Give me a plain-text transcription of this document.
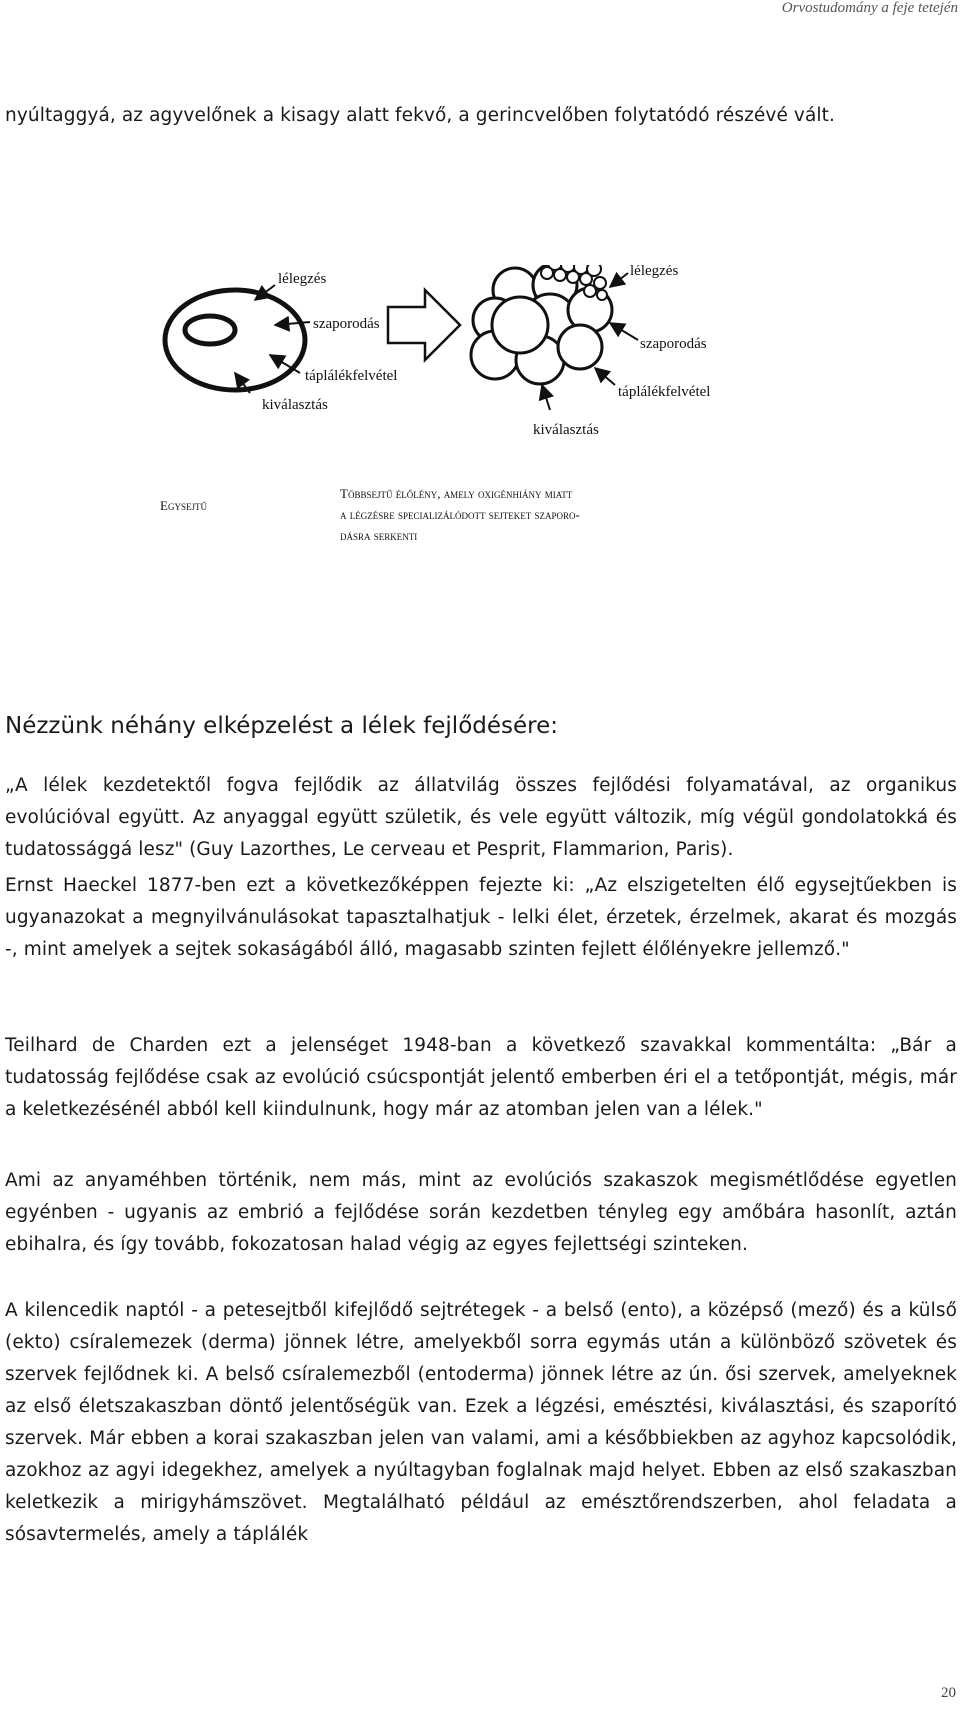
Orvostudomány a feje tetején

nyúltaggyá, az agyvelőnek a kisagy alatt fekvő, a gerincvelőben folytatódó részévé vált.

lélegzés
szaporodás
táplálékfelvétel
kiválasztás
Egysejtű
lélegzés
szaporodás
táplálékfelvétel
kiválasztás
Többsejtű élőlény, amely oxigénhiány miatt
a légzésre specializálódott sejteket szaporo-
dásra serkenti
Nézzünk néhány elképzelést a lélek fejlődésére:

„A lélek kezdetektől fogva fejlődik az állatvilág összes fejlődési folyamatával, az organikus evolúcióval együtt. Az anyaggal együtt születik, és vele együtt változik, míg végül gondolatokká és tudatossággá lesz" (Guy Lazorthes, Le cerveau et Pesprit, Flammarion, Paris).

Ernst Haeckel 1877-ben ezt a következőképpen fejezte ki: „Az elszigetelten élő egysejtűekben is ugyanazokat a megnyilvánulásokat tapasztalhatjuk - lelki élet, érzetek, érzelmek, akarat és mozgás -, mint amelyek a sejtek sokaságából álló, magasabb szinten fejlett élőlényekre jellemző."

Teilhard de Charden ezt a jelenséget 1948-ban a következő szavakkal kommentálta: „Bár a tudatosság fejlődése csak az evolúció csúcspontját jelentő emberben éri el a tetőpontját, mégis, már a keletkezésénél abból kell kiindulnunk, hogy már az atomban jelen van a lélek."

Ami az anyaméhben történik, nem más, mint az evolúciós szakaszok megismétlődése egyetlen egyénben - ugyanis az embrió a fejlődése során kezdetben tényleg egy amőbára hasonlít, aztán ebihalra, és így tovább, fokozatosan halad végig az egyes fejlettségi szinteken.

A kilencedik naptól - a petesejtből kifejlődő sejtrétegek - a belső (ento), a középső (mező) és a külső (ekto) csíralemezek (derma) jönnek létre, amelyekből sorra egymás után a különböző szövetek és szervek fejlődnek ki. A belső csíralemezből (entoderma) jönnek létre az ún. ősi szervek, amelyeknek az első életszakaszban döntő jelentőségük van. Ezek a légzési, emésztési, kiválasztási, és szaporító szervek. Már ebben a korai szakaszban jelen van valami, ami a későbbiekben az agyhoz kapcsolódik, azokhoz az agyi idegekhez, amelyek a nyúltagyban foglalnak majd helyet. Ebben az első szakaszban keletkezik a mirigyhámszövet. Megtalálható például az emésztőrendszerben, ahol feladata a sósavtermelés, amely a táplálék

20
